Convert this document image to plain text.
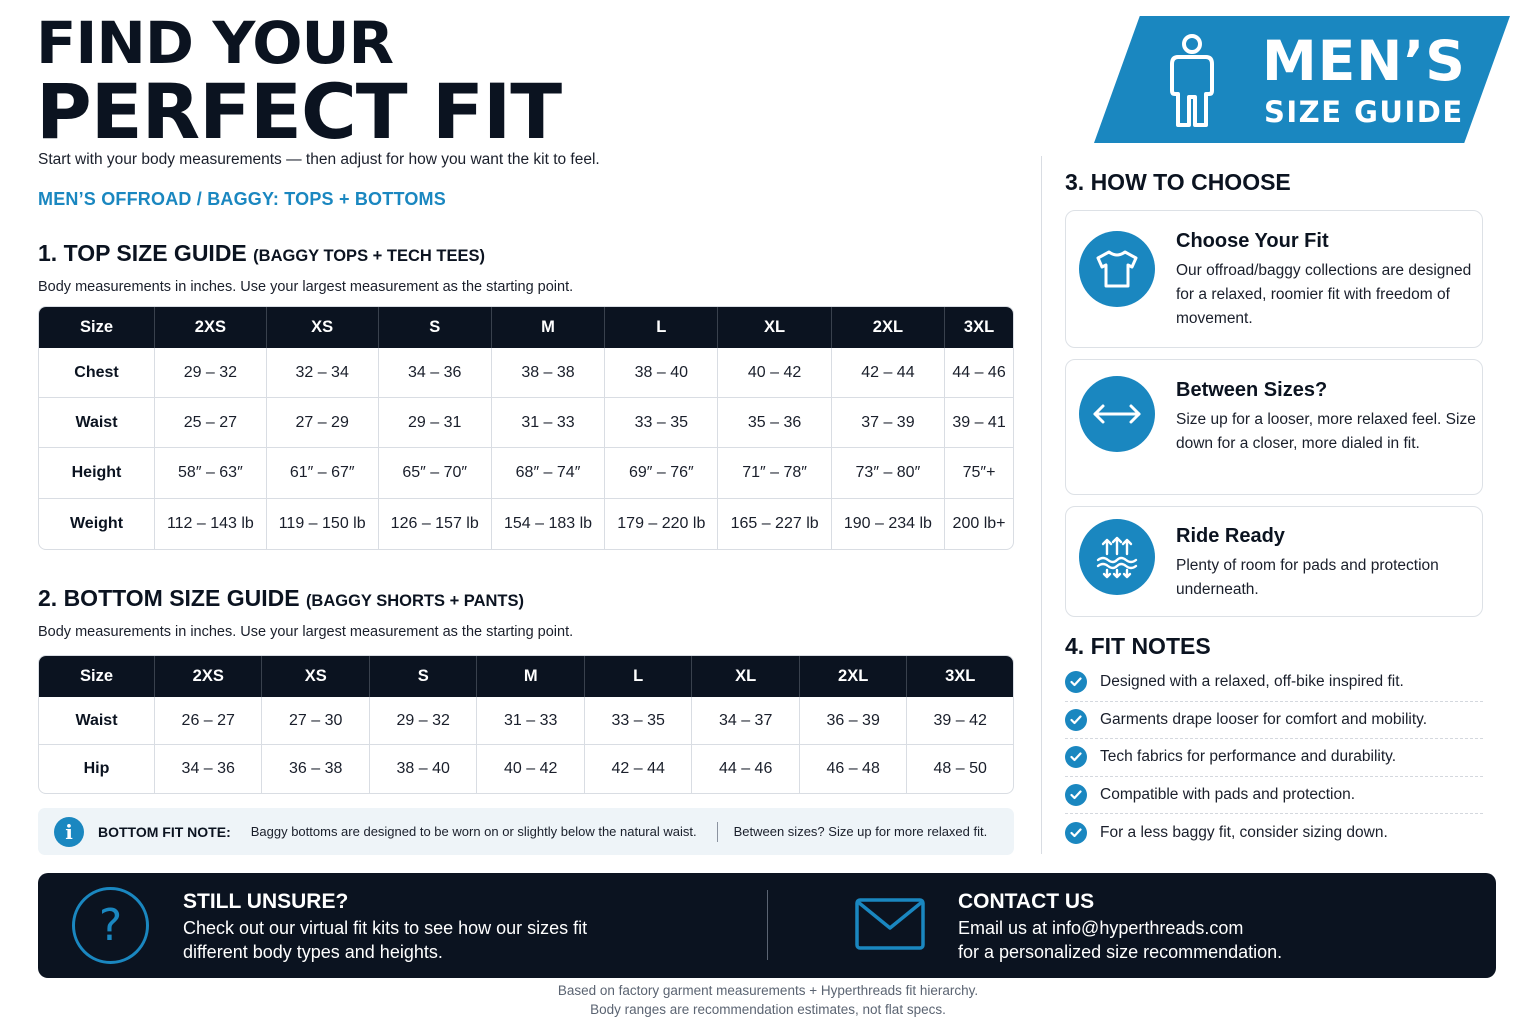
FIND YOUR
PERFECT FIT
Start with your body measurements — then adjust for how you want the kit to feel.
MEN’S OFFROAD / BAGGY: TOPS + BOTTOMS
MEN’S
SIZE GUIDE
1. TOP SIZE GUIDE (BAGGY TOPS + TECH TEES)
Body measurements in inches. Use your largest measurement as the starting point.
Size	2XS	XS	S	M	L	XL	2XL	3XL
Chest	29 – 32	32 – 34	34 – 36	38 – 38	38 – 40	40 – 42	42 – 44	44 – 46
Waist	25 – 27	27 – 29	29 – 31	31 – 33	33 – 35	35 – 36	37 – 39	39 – 41
Height	58″ – 63″	61″ – 67″	65″ – 70″	68″ – 74″	69″ – 76″	71″ – 78″	73″ – 80″	75″+
Weight	112 – 143 lb	119 – 150 lb	126 – 157 lb	154 – 183 lb	179 – 220 lb	165 – 227 lb	190 – 234 lb	200 lb+
2. BOTTOM SIZE GUIDE (BAGGY SHORTS + PANTS)
Body measurements in inches. Use your largest measurement as the starting point.
Size	2XS	XS	S	M	L	XL	2XL	3XL
Waist	26 – 27	27 – 30	29 – 32	31 – 33	33 – 35	34 – 37	36 – 39	39 – 42
Hip	34 – 36	36 – 38	38 – 40	40 – 42	42 – 44	44 – 46	46 – 48	48 – 50
i	BOTTOM FIT NOTE: Baggy bottoms are designed to be worn on or slightly below the natural waist.	Between sizes? Size up for more relaxed fit.
3. HOW TO CHOOSE
Choose Your Fit
Our offroad/baggy collections are designed for a relaxed, roomier fit with freedom of movement.
Between Sizes?
Size up for a looser, more relaxed feel. Size down for a closer, more dialed in fit.
Ride Ready
Plenty of room for pads and protection underneath.
4. FIT NOTES
Designed with a relaxed, off-bike inspired fit.
Garments drape looser for comfort and mobility.
Tech fabrics for performance and durability.
Compatible with pads and protection.
For a less baggy fit, consider sizing down.
?	STILL UNSURE?
Check out our virtual fit kits to see how our sizes fit different body types and heights.
CONTACT US
Email us at info@hyperthreads.com
for a personalized size recommendation.
Based on factory garment measurements + Hyperthreads fit hierarchy.
Body ranges are recommendation estimates, not flat specs.
